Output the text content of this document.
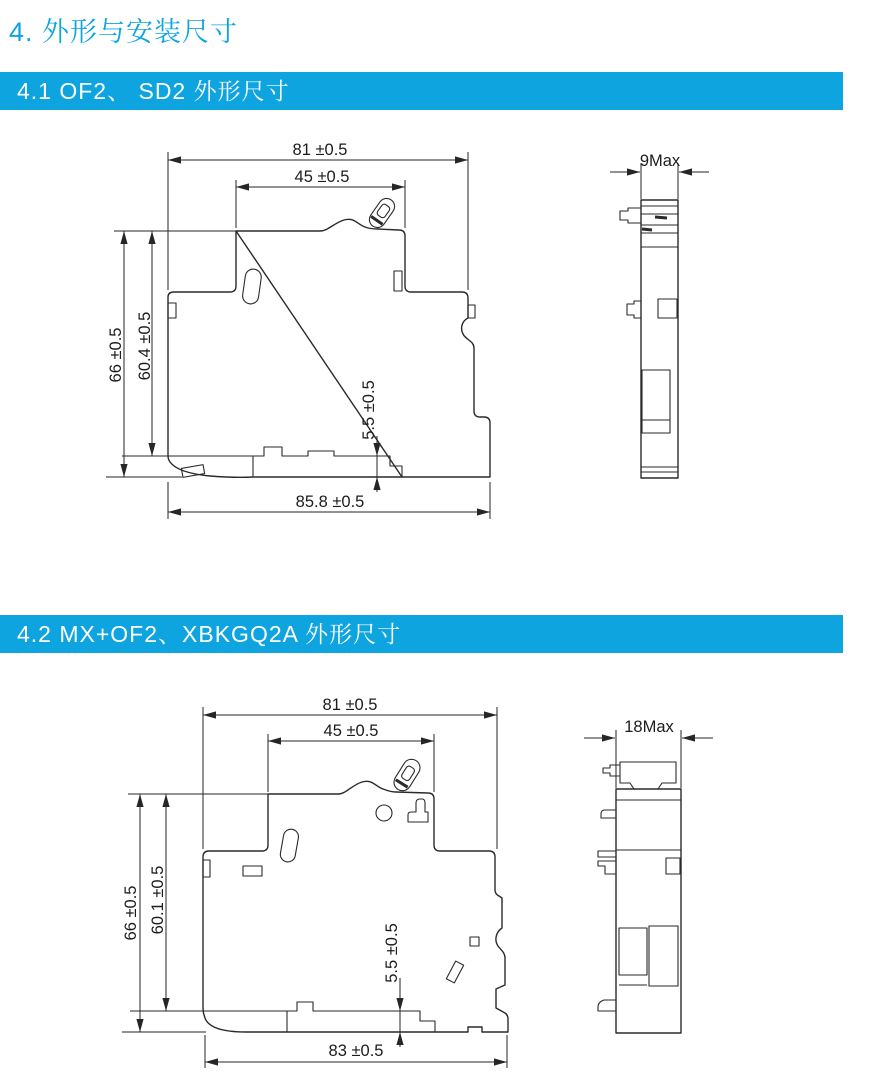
4. 外形与安装尺寸
4.1 OF2、 SD2 外形尺寸
81 ±0.5
45 ±0.5
66 ±0.5 60.4 ±0.5
5.5 ±0.5
85.8 ±0.5
9Max
4.2 MX+OF2、XBKGQ2A 外形尺寸
81 ±0.5
45 ±0.5
66 ±0.5 60.1 ±0.5
5.5 ±0.5
83 ±0.5
18Max
